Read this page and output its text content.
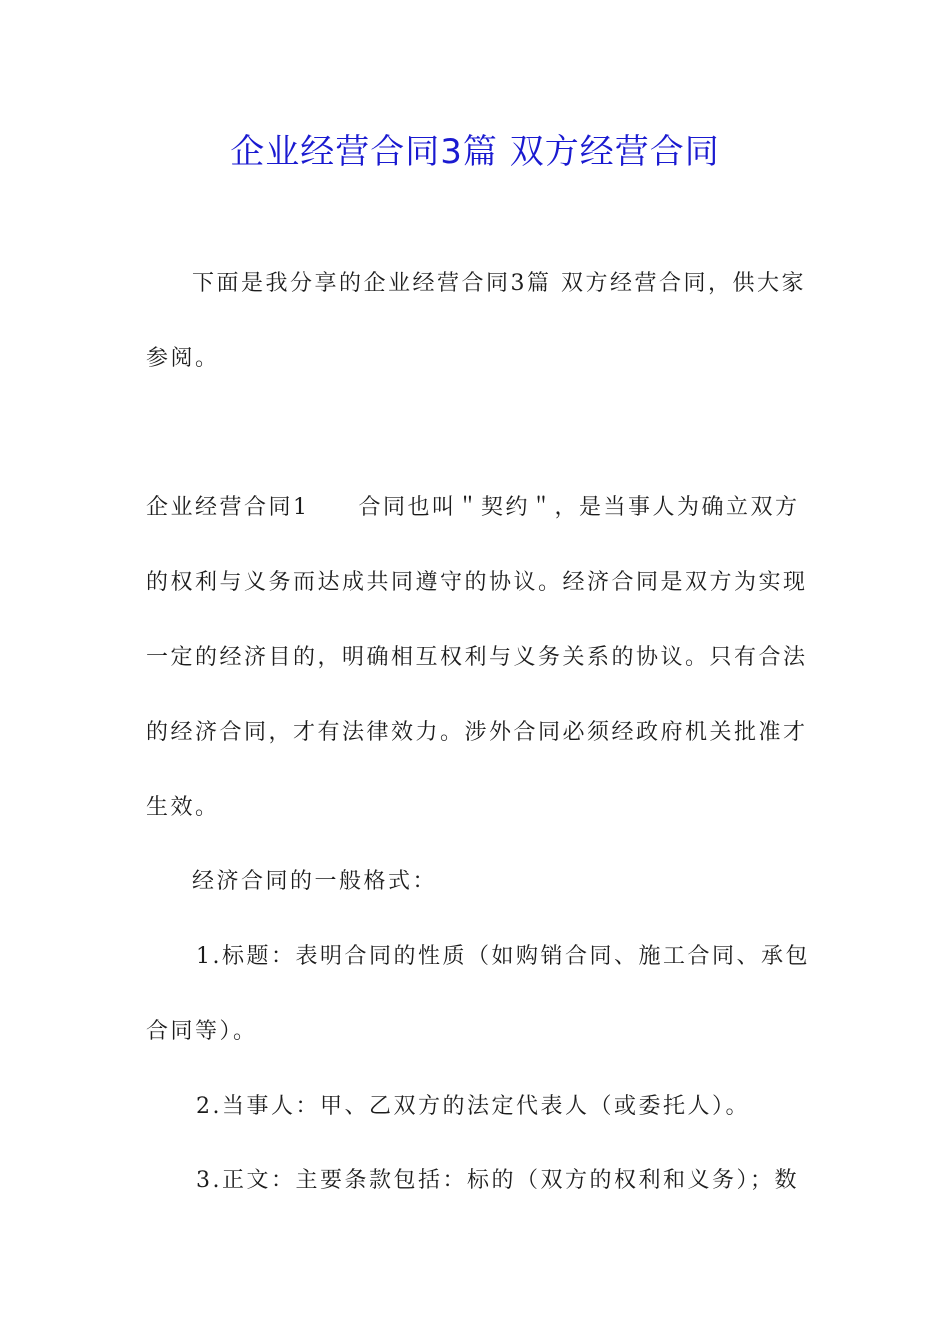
企业经营合同3篇 双方经营合同

下面是我分享的企业经营合同3篇 双方经营合同，供大家

参阅。

企业经营合同1　　合同也叫＂契约＂，是当事人为确立双方

的权利与义务而达成共同遵守的协议。经济合同是双方为实现

一定的经济目的，明确相互权利与义务关系的协议。只有合法

的经济合同，才有法律效力。涉外合同必须经政府机关批准才

生效。

经济合同的一般格式：

1.标题：表明合同的性质（如购销合同、施工合同、承包

合同等）。

2.当事人：甲、乙双方的法定代表人（或委托人）。

3.正文：主要条款包括：标的（双方的权利和义务）；数
